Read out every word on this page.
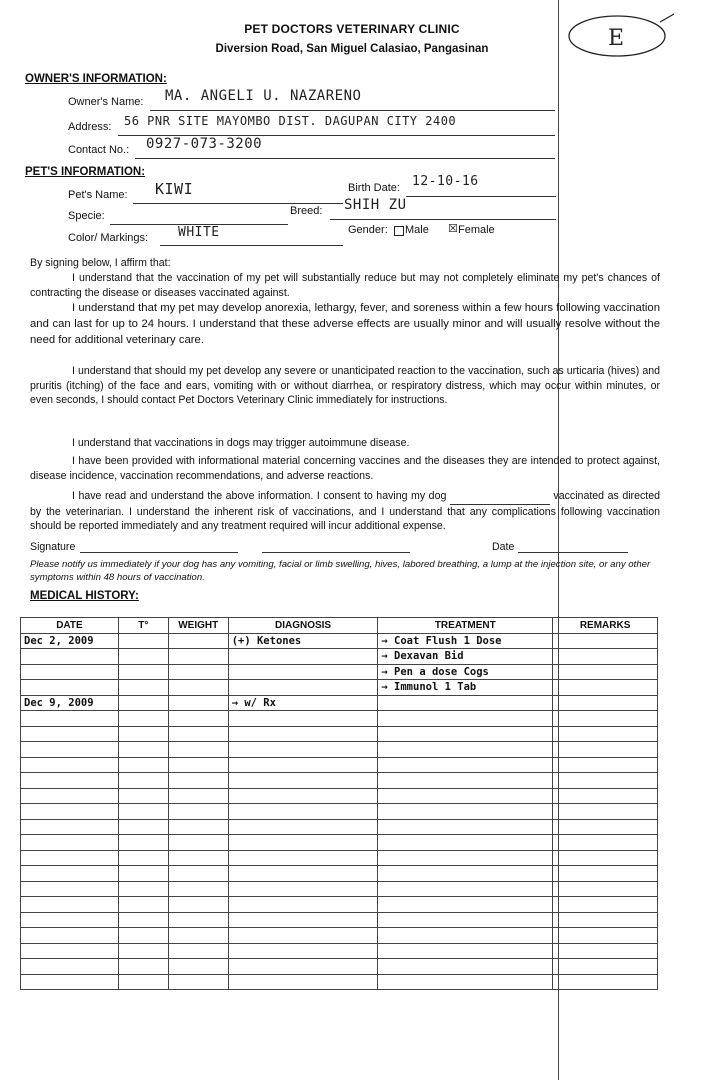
PET DOCTORS VETERINARY CLINIC
Diversion Road, San Miguel Calasiao, Pangasinan	E
OWNER'S INFORMATION:
Owner's Name: MA. ANGELI U. NAZARENO
Address: 56 PNR SITE MAYOMBO DIST. DAGUPAN CITY 2400
Contact No.: 0927-073-3200
PET'S INFORMATION:
Pet's Name: KIWI	Birth Date: 12-10-16
Specie:	Breed: SHIH ZU
Color/ Markings: WHITE	Gender: Male ☒ Female
By signing below, I affirm that:
I understand that the vaccination of my pet will substantially reduce but may not completely eliminate my pet's chances of contracting the disease or diseases vaccinated against.
I understand that my pet may develop anorexia, lethargy, fever, and soreness within a few hours following vaccination and can last for up to 24 hours. I understand that these adverse effects are usually minor and will usually resolve without the need for additional veterinary care.
I understand that should my pet develop any severe or unanticipated reaction to the vaccination, such as urticaria (hives) and pruritis (itching) of the face and ears, vomiting with or without diarrhea, or respiratory distress, which may occur within minutes, or even seconds, I should contact Pet Doctors Veterinary Clinic immediately for instructions.
I understand that vaccinations in dogs may trigger autoimmune disease.
I have been provided with informational material concerning vaccines and the diseases they are intended to protect against, disease incidence, vaccination recommendations, and adverse reactions.
I have read and understand the above information. I consent to having my dog	vaccinated as directed by the veterinarian. I understand the inherent risk of vaccinations, and I understand that any complications following vaccination should be reported immediately and any treatment required will incur additional expense.
Signature	Date
Please notify us immediately if your dog has any vomiting, facial or limb swelling, hives, labored breathing, a lump at the injection site, or any other symptoms within 48 hours of vaccination.
MEDICAL HISTORY:
DATE	T°	WEIGHT	DIAGNOSIS	TREATMENT	REMARKS
Dec 2, 2009			(+) Ketones	→ Coat Flush 1 Dose	
				→ Dexavan Bid	
				→ Pen a dose Cogs	
				→ Immunol 1 Tab	
Dec 9, 2009			→ w/ Rx		
